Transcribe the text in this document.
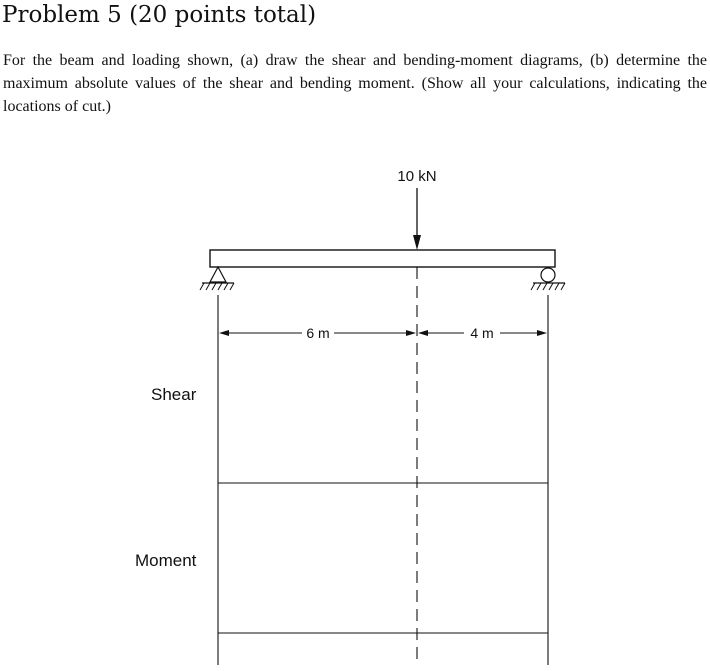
Problem 5 (20 points total)

For the beam and loading shown, (a) draw the shear and bending-moment diagrams, (b) determine the maximum absolute values of the shear and bending moment. (Show all your calculations, indicating the locations of cut.)

10 kN
6 m	4 m
Shear
Moment
